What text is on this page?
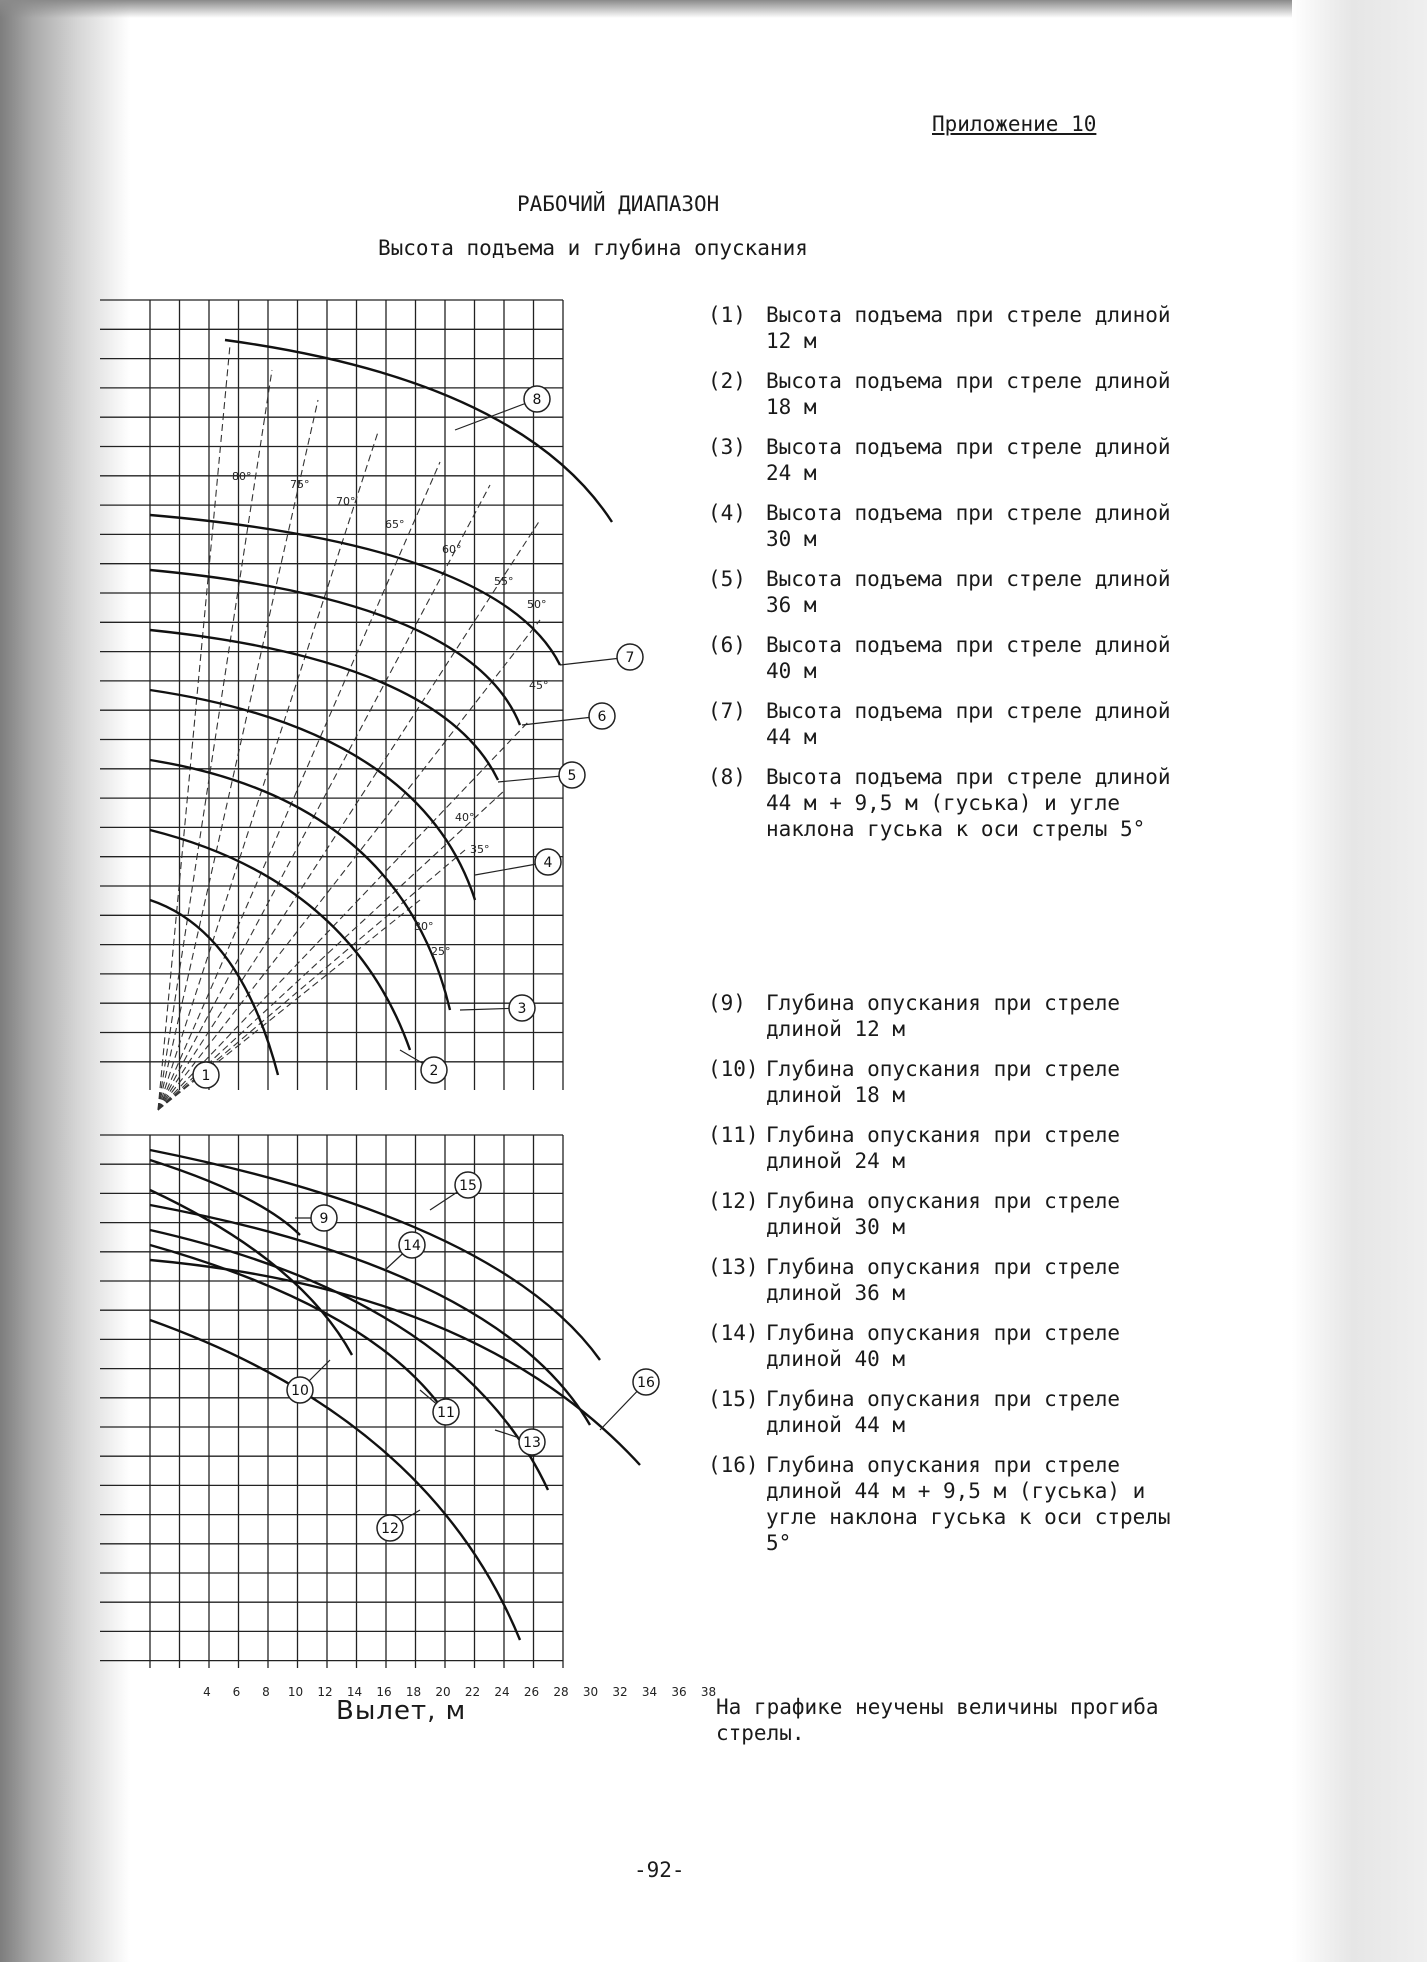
Приложение 10
РАБОЧИЙ ДИАПАЗОН
Высота подъема и глубина опускания
4 6 8 10 12 14 16 18 20 22 24 26 28 30 32 34 36 38
80°
75°
70°
65°
60°
55°
50°
45°
40°
35°
30°
25°
1	2
3
4
5
6
7
8
9
10
11
12
13
14
15
16
(1) Высота подъема при стреле длиной 12 м
(2) Высота подъема при стреле длиной 18 м
(3) Высота подъема при стреле длиной 24 м
(4) Высота подъема при стреле длиной 30 м
(5) Высота подъема при стреле длиной 36 м
(6) Высота подъема при стреле длиной 40 м
(7) Высота подъема при стреле длиной 44 м
(8) Высота подъема при стреле длиной 44 м + 9,5 м (гуська) и угле наклона гуська к оси стрелы 5°
(9) Глубина опускания при стреле длиной 12 м
(10) Глубина опускания при стреле длиной 18 м
(11) Глубина опускания при стреле длиной 24 м
(12) Глубина опускания при стреле длиной 30 м
(13) Глубина опускания при стреле длиной 36 м
(14) Глубина опускания при стреле длиной 40 м
(15) Глубина опускания при стреле длиной 44 м
(16) Глубина опускания при стреле длиной 44 м + 9,5 м (гуська) и угле наклона гуська к оси стрелы 5°
Вылет, м	На графике неучены величины прогиба стрелы.
-92-
